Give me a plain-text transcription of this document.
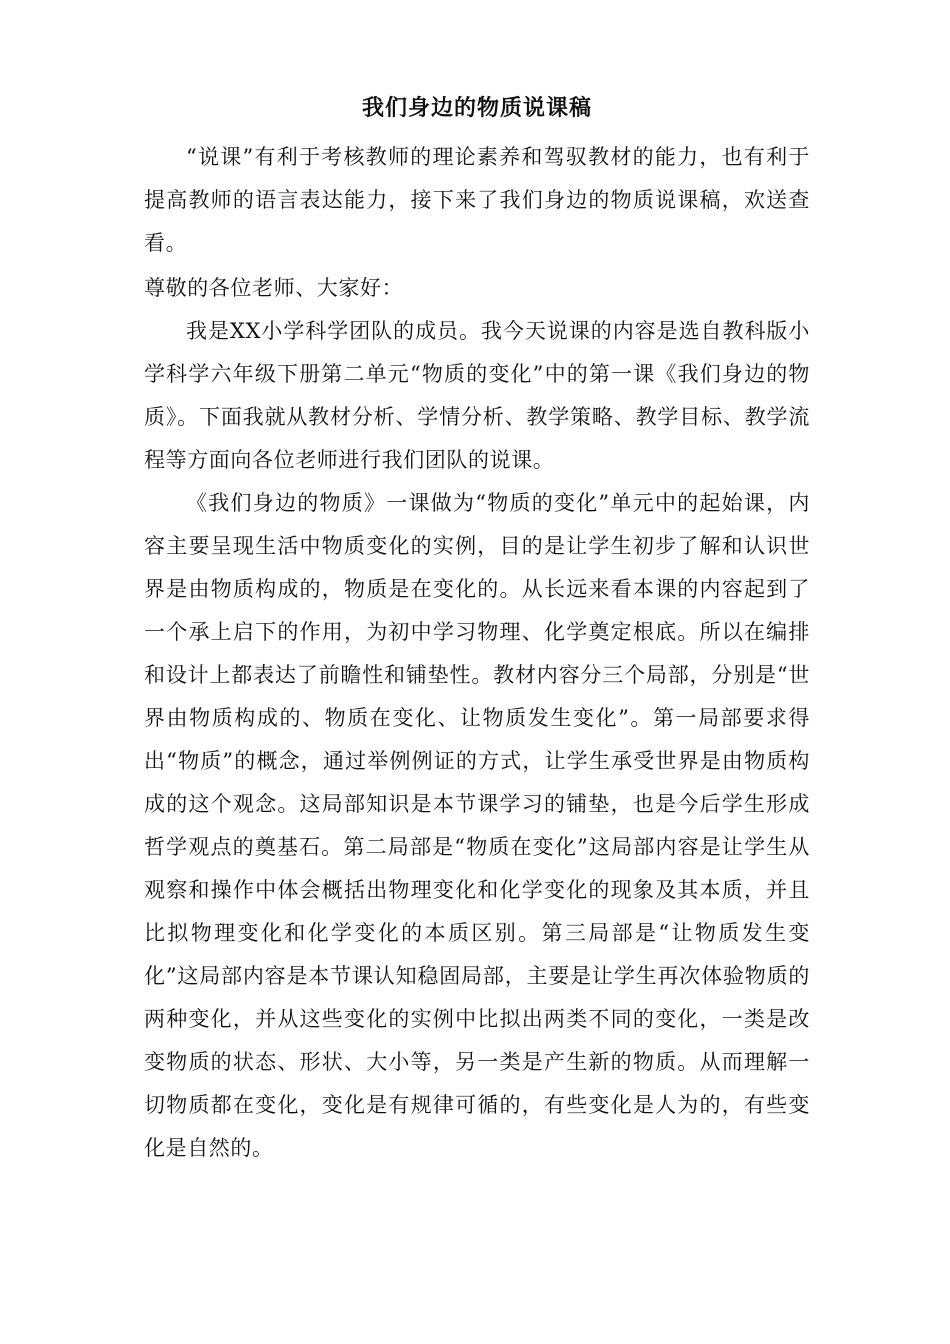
我们身边的物质说课稿

“说课”有利于考核教师的理论素养和驾驭教材的能力，也有利于提高教师的语言表达能力，接下来了我们身边的物质说课稿，欢送查看。

尊敬的各位老师、大家好：

我是XX小学科学团队的成员。我今天说课的内容是选自教科版小学科学六年级下册第二单元“物质的变化”中的第一课《我们身边的物质》。下面我就从教材分析、学情分析、教学策略、教学目标、教学流程等方面向各位老师进行我们团队的说课。

《我们身边的物质》一课做为“物质的变化”单元中的起始课，内容主要呈现生活中物质变化的实例，目的是让学生初步了解和认识世界是由物质构成的，物质是在变化的。从长远来看本课的内容起到了一个承上启下的作用，为初中学习物理、化学奠定根底。所以在编排和设计上都表达了前瞻性和铺垫性。教材内容分三个局部，分别是“世界由物质构成的、物质在变化、让物质发生变化”。第一局部要求得出“物质”的概念，通过举例例证的方式，让学生承受世界是由物质构成的这个观念。这局部知识是本节课学习的铺垫，也是今后学生形成哲学观点的奠基石。第二局部是“物质在变化”这局部内容是让学生从观察和操作中体会概括出物理变化和化学变化的现象及其本质，并且比拟物理变化和化学变化的本质区别。第三局部是“让物质发生变化”这局部内容是本节课认知稳固局部，主要是让学生再次体验物质的两种变化，并从这些变化的实例中比拟出两类不同的变化，一类是改变物质的状态、形状、大小等，另一类是产生新的物质。从而理解一切物质都在变化，变化是有规律可循的，有些变化是人为的，有些变化是自然的。
